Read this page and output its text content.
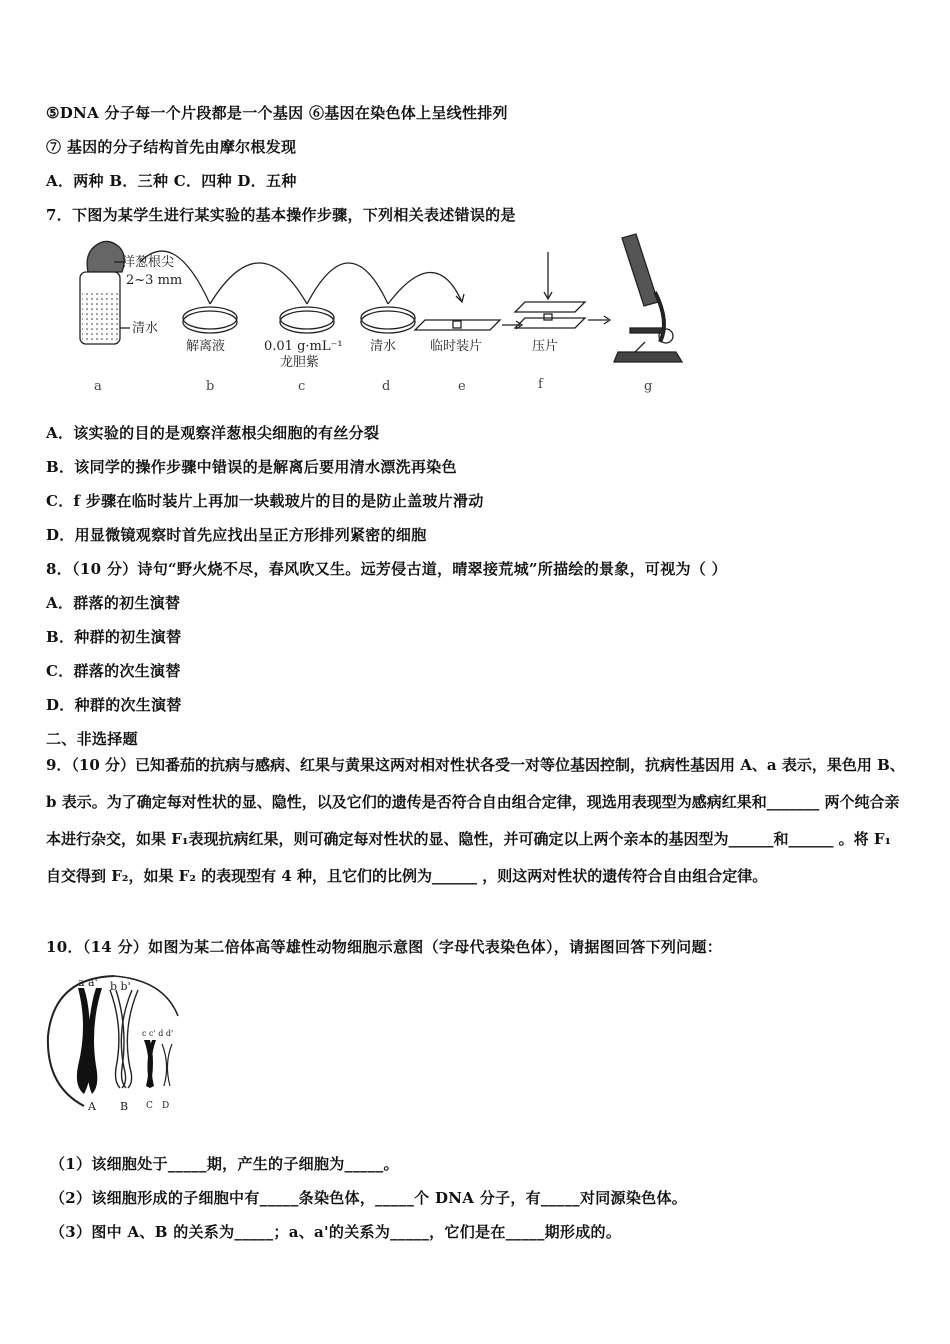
⑤DNA 分子每一个片段都是一个基因 ⑥基因在染色体上呈线性排列
⑦ 基因的分子结构首先由摩尔根发现
A．两种 B．三种 C．四种 D．五种
7．下图为某学生进行某实验的基本操作步骤，下列相关表述错误的是
洋葱根尖
2~3 mm
清水
解离液	0.01 g·mL⁻¹
龙胆紫
清水	临时装片	压片
a	b	c	d	e	f	g
A．该实验的目的是观察洋葱根尖细胞的有丝分裂
B．该同学的操作步骤中错误的是解离后要用清水漂洗再染色
C．f 步骤在临时装片上再加一块载玻片的目的是防止盖玻片滑动
D．用显微镜观察时首先应找出呈正方形排列紧密的细胞
8．（10 分）诗句“野火烧不尽，春风吹又生。远芳侵古道，晴翠接荒城”所描绘的景象，可视为（ ）
A．群落的初生演替
B．种群的初生演替
C．群落的次生演替
D．种群的次生演替
二、非选择题
9．（10 分）已知番茄的抗病与感病、红果与黄果这两对相对性状各受一对等位基因控制，抗病性基因用 A、a 表示，果色用 B、b 表示。为了确定每对性状的显、隐性，以及它们的遗传是否符合自由组合定律，现选用表现型为感病红果和_______ 两个纯合亲本进行杂交，如果 F₁表现抗病红果，则可确定每对性状的显、隐性，并可确定以上两个亲本的基因型为______和______ 。将 F₁ 自交得到 F₂，如果 F₂ 的表现型有 4 种，且它们的比例为______ ，则这两对性状的遗传符合自由组合定律。
10．（14 分）如图为某二倍体高等雄性动物细胞示意图（字母代表染色体），请据图回答下列问题：
a a' b b'
c c' d d'
A B C D
（1）该细胞处于_____期，产生的子细胞为_____。
（2）该细胞形成的子细胞中有_____条染色体，_____个 DNA 分子，有_____对同源染色体。
（3）图中 A、B 的关系为_____；a、a'的关系为_____，它们是在_____期形成的。
